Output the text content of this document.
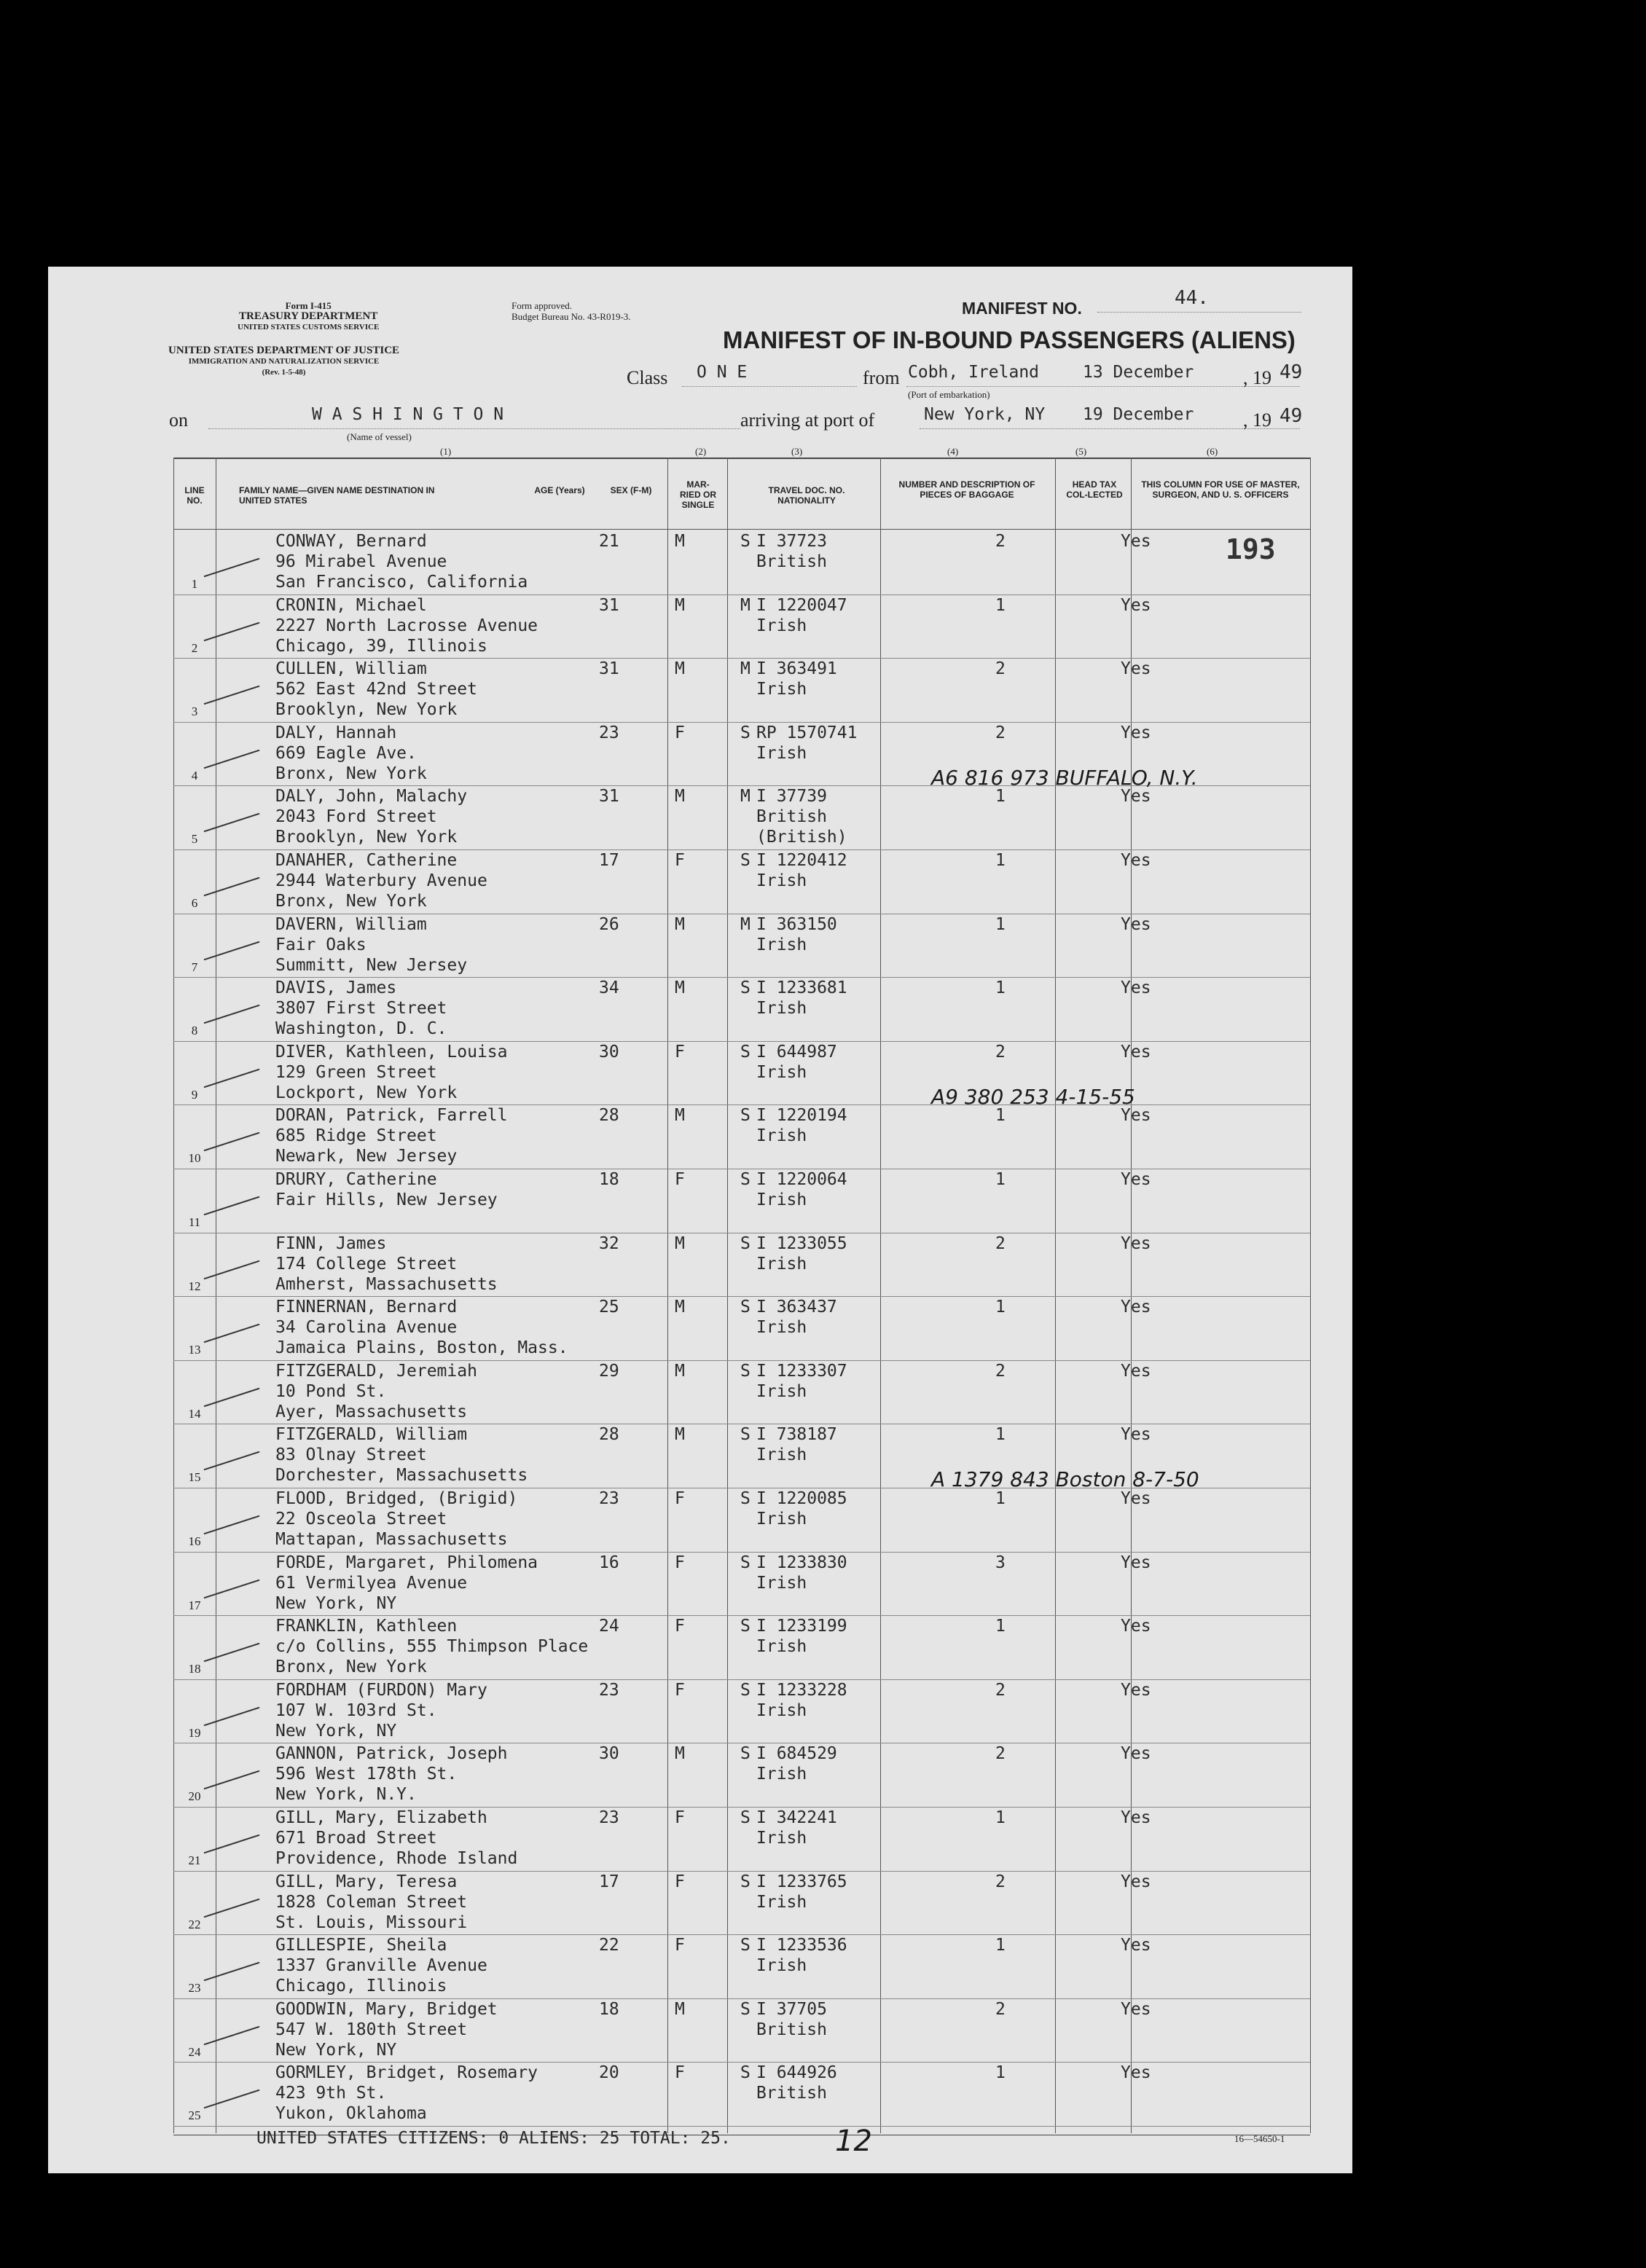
Form I-415
TREASURY DEPARTMENT
UNITED STATES CUSTOMS SERVICE
Form approved.
Budget Bureau No. 43-R019-3.
UNITED STATES DEPARTMENT OF JUSTICE
IMMIGRATION AND NATURALIZATION SERVICE
(Rev. 1-5-48)
MANIFEST NO.	44.
MANIFEST OF IN-BOUND PASSENGERS (ALIENS)
Class O N E	from Cobh, Ireland	13 December
(Port of embarkation)
, 19 49
on	W A S H I N G T O N
(Name of vessel)
arriving at port of	New York, NY 19 December	, 19 49
(1)	(2)	(3)	(4)	(5)	(6)
LINE NO.
FAMILY NAME—GIVEN NAME DESTINATION IN UNITED STATES
AGE (Years)	SEX (F-M)
MAR-RIED OR SINGLE
TRAVEL DOC. NO. NATIONALITY
NUMBER AND DESCRIPTION OF PIECES OF BAGGAGE
HEAD TAX COL-LECTED
THIS COLUMN FOR USE OF MASTER, SURGEON, AND U. S. OFFICERS
1
CONWAY, Bernard
96 Mirabel Avenue
San Francisco, California
21	M	S I 37723
British
2	Yes
2
CRONIN, Michael
2227 North Lacrosse Avenue
Chicago, 39, Illinois
31	M	M I 1220047
Irish
1	Yes
3
CULLEN, William
562 East 42nd Street
Brooklyn, New York
31	M	M I 363491
Irish
2	Yes
4
DALY, Hannah
669 Eagle Ave.
Bronx, New York
23	F	S RP 1570741
Irish
2	Yes
A6 816 973 BUFFALO, N.Y.
5
DALY, John, Malachy
2043 Ford Street
Brooklyn, New York
31	M	M I 37739
British
(British)
1	Yes
6
DANAHER, Catherine
2944 Waterbury Avenue
Bronx, New York
17	F	S I 1220412
Irish
1	Yes
7
DAVERN, William
Fair Oaks
Summitt, New Jersey
26	M	M I 363150
Irish
1	Yes
8
DAVIS, James
3807 First Street
Washington, D. C.
34	M	S I 1233681
Irish
1	Yes
9
DIVER, Kathleen, Louisa
129 Green Street
Lockport, New York
30	F	S I 644987
Irish
2	Yes
A9 380 253 4-15-55
10
DORAN, Patrick, Farrell
685 Ridge Street
Newark, New Jersey
28	M	S I 1220194
Irish
1	Yes
11
DRURY, Catherine
Fair Hills, New Jersey
18	F	S I 1220064
Irish
1	Yes
12
FINN, James
174 College Street
Amherst, Massachusetts
32	M	S I 1233055
Irish
2	Yes
13
FINNERNAN, Bernard
34 Carolina Avenue
Jamaica Plains, Boston, Mass.
25	M	S I 363437
Irish
1	Yes
14
FITZGERALD, Jeremiah
10 Pond St.
Ayer, Massachusetts
29	M	S I 1233307
Irish
2	Yes
15
FITZGERALD, William
83 Olnay Street
Dorchester, Massachusetts
28	M	S I 738187
Irish
1	Yes
A 1379 843 Boston 8-7-50
16
FLOOD, Bridged, (Brigid)
22 Osceola Street
Mattapan, Massachusetts
23	F	S I 1220085
Irish
1	Yes
17
FORDE, Margaret, Philomena
61 Vermilyea Avenue
New York, NY
16	F	S I 1233830
Irish
3	Yes
18
FRANKLIN, Kathleen
c/o Collins, 555 Thimpson Place
Bronx, New York
24	F	S I 1233199
Irish
1	Yes
19
FORDHAM (FURDON) Mary
107 W. 103rd St.
New York, NY
23	F	S I 1233228
Irish
2	Yes
20
GANNON, Patrick, Joseph
596 West 178th St.
New York, N.Y.
30	M	S I 684529
Irish
2	Yes
21
GILL, Mary, Elizabeth
671 Broad Street
Providence, Rhode Island
23	F	S I 342241
Irish
1	Yes
22
GILL, Mary, Teresa
1828 Coleman Street
St. Louis, Missouri
17	F	S I 1233765
Irish
2	Yes
23
GILLESPIE, Sheila
1337 Granville Avenue
Chicago, Illinois
22	F	S I 1233536
Irish
1	Yes
24
GOODWIN, Mary, Bridget
547 W. 180th Street
New York, NY
18	M	S I 37705
British
2	Yes
25
GORMLEY, Bridget, Rosemary
423 9th St.
Yukon, Oklahoma
20	F	S I 644926
British
1	Yes
193
UNITED STATES CITIZENS: 0 ALIENS: 25 TOTAL: 25.	12	16—54650-1
